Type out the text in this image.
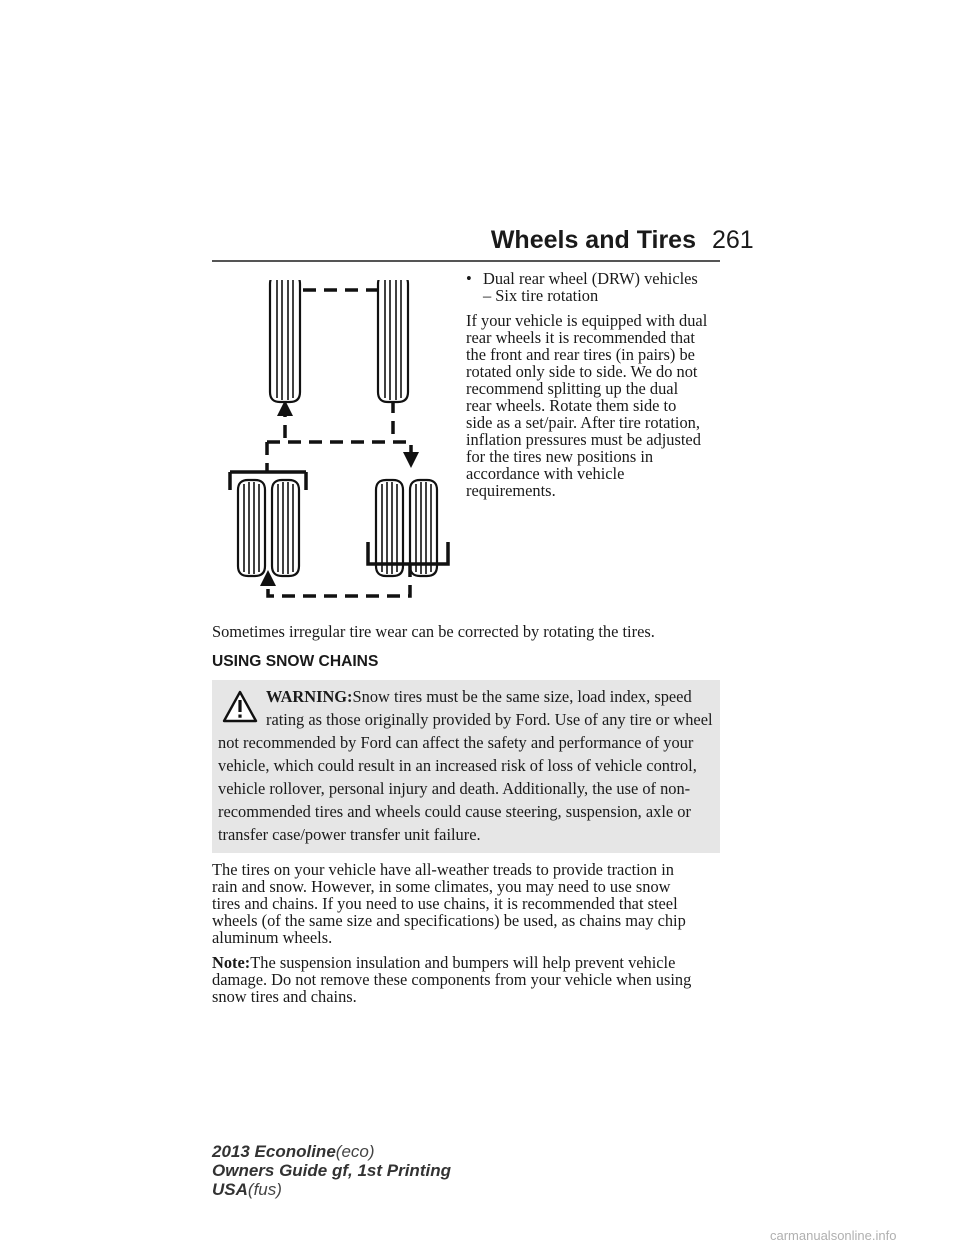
Wheels and Tires 261
• Dual rear wheel (DRW) vehicles
– Six tire rotation
If your vehicle is equipped with dual
rear wheels it is recommended that
the front and rear tires (in pairs) be
rotated only side to side. We do not
recommend splitting up the dual
rear wheels. Rotate them side to
side as a set/pair. After tire rotation,
inflation pressures must be adjusted
for the tires new positions in
accordance with vehicle
requirements.
Sometimes irregular tire wear can be corrected by rotating the tires.
USING SNOW CHAINS
WARNING:Snow tires must be the same size, load index, speed rating as those originally provided by Ford. Use of any tire or wheel not recommended by Ford can affect the safety and performance of your vehicle, which could result in an increased risk of loss of vehicle control, vehicle rollover, personal injury and death. Additionally, the use of non-recommended tires and wheels could cause steering, suspension, axle or transfer case/power transfer unit failure.
The tires on your vehicle have all-weather treads to provide traction in
rain and snow. However, in some climates, you may need to use snow
tires and chains. If you need to use chains, it is recommended that steel
wheels (of the same size and specifications) be used, as chains may chip
aluminum wheels.
Note:The suspension insulation and bumpers will help prevent vehicle
damage. Do not remove these components from your vehicle when using
snow tires and chains.
2013 Econoline(eco)
Owners Guide gf, 1st Printing
USA(fus)
carmanualsonline.info
